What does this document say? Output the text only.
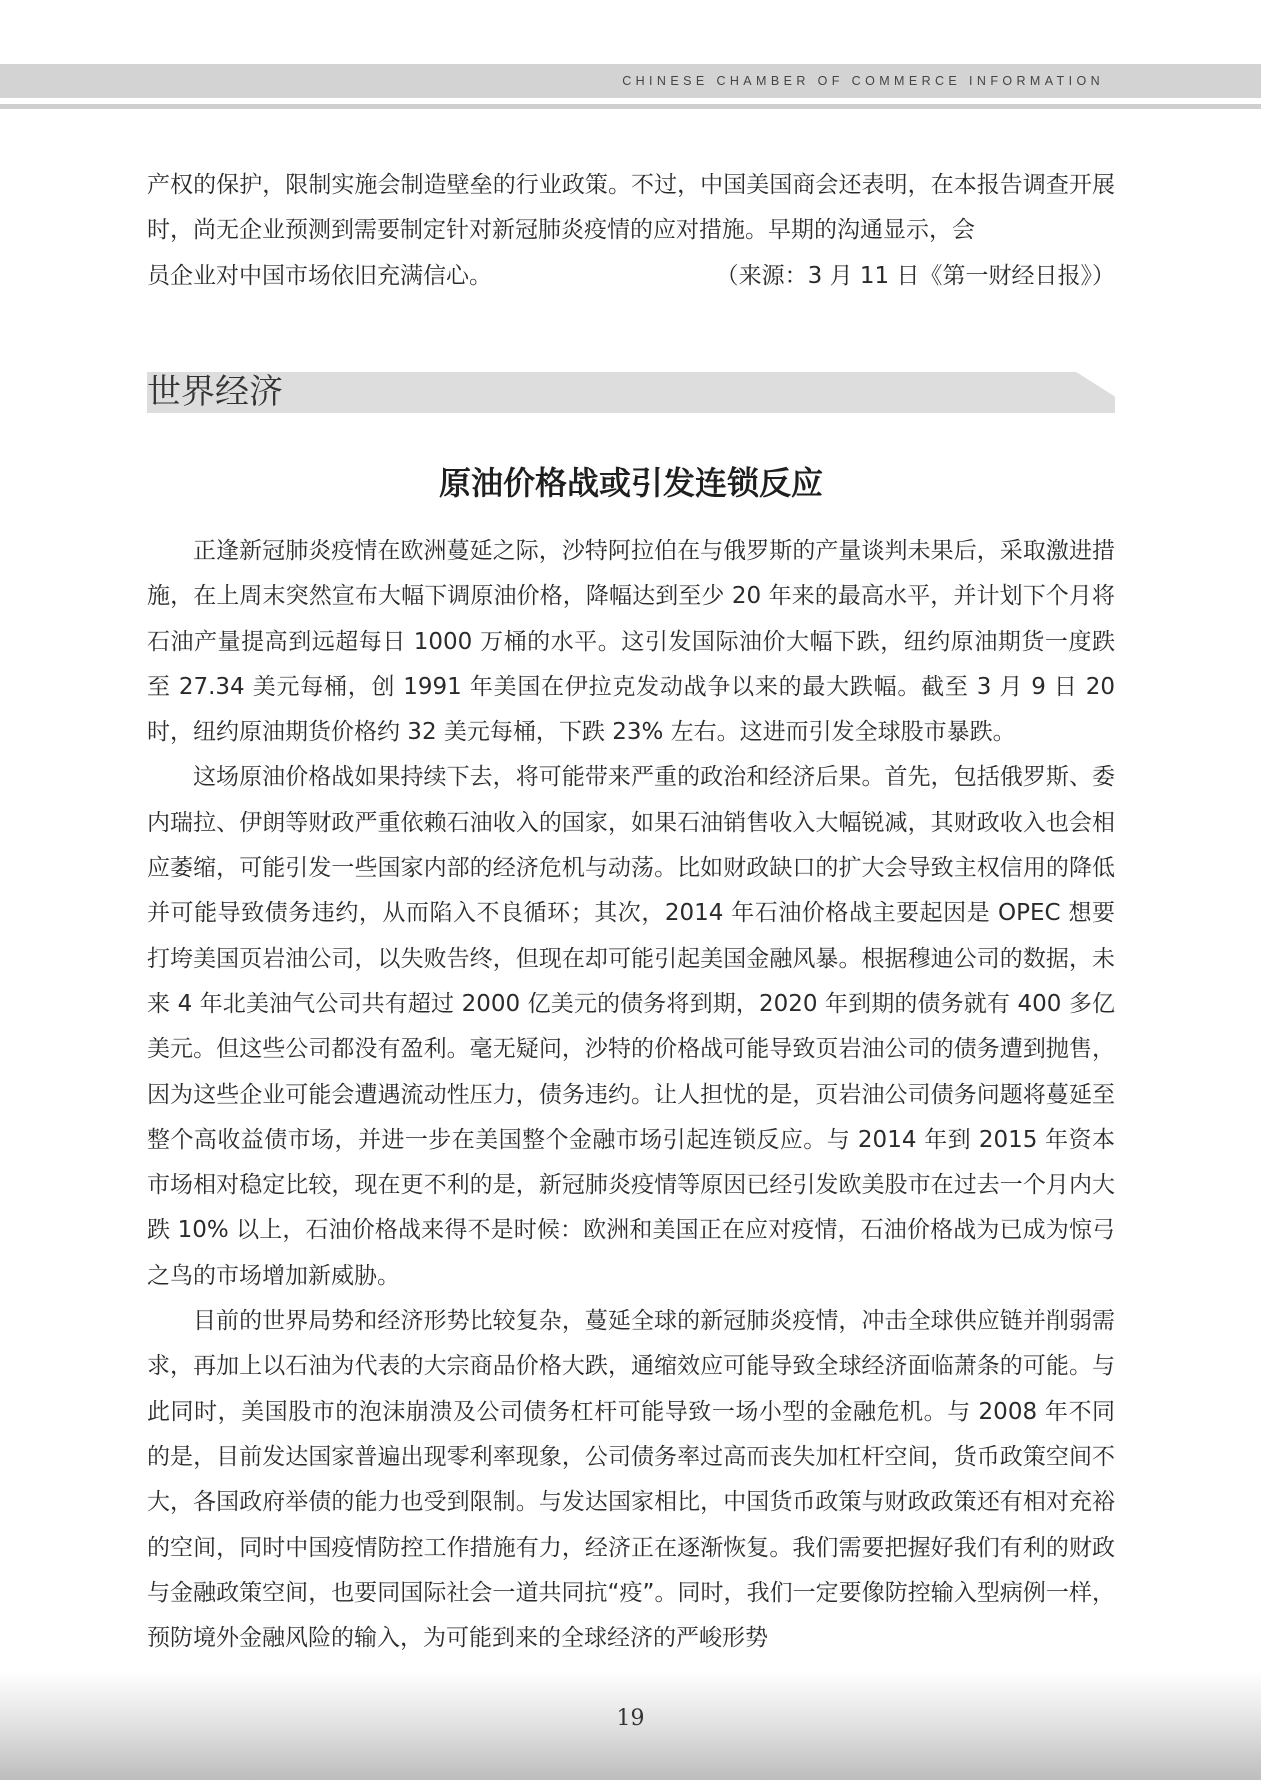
CHINESE CHAMBER OF COMMERCE INFORMATION
产权的保护，限制实施会制造壁垒的行业政策。不过，中国美国商会还表明，在本报告调查开展时，尚无企业预测到需要制定针对新冠肺炎疫情的应对措施。早期的沟通显示，会
员企业对中国市场依旧充满信心。	（来源：3 月 11 日《第一财经日报》）
世界经济
原油价格战或引发连锁反应

正逢新冠肺炎疫情在欧洲蔓延之际，沙特阿拉伯在与俄罗斯的产量谈判未果后，采取激进措施，在上周末突然宣布大幅下调原油价格，降幅达到至少 20 年来的最高水平，并计划下个月将石油产量提高到远超每日 1000 万桶的水平。这引发国际油价大幅下跌，纽约原油期货一度跌至 27.34 美元每桶，创 1991 年美国在伊拉克发动战争以来的最大跌幅。截至 3 月 9 日 20 时，纽约原油期货价格约 32 美元每桶，下跌 23% 左右。这进而引发全球股市暴跌。

这场原油价格战如果持续下去，将可能带来严重的政治和经济后果。首先，包括俄罗斯、委内瑞拉、伊朗等财政严重依赖石油收入的国家，如果石油销售收入大幅锐减，其财政收入也会相应萎缩，可能引发一些国家内部的经济危机与动荡。比如财政缺口的扩大会导致主权信用的降低并可能导致债务违约，从而陷入不良循环；其次，2014 年石油价格战主要起因是 OPEC 想要打垮美国页岩油公司，以失败告终，但现在却可能引起美国金融风暴。根据穆迪公司的数据，未来 4 年北美油气公司共有超过 2000 亿美元的债务将到期，2020 年到期的债务就有 400 多亿美元。但这些公司都没有盈利。毫无疑问，沙特的价格战可能导致页岩油公司的债务遭到抛售，因为这些企业可能会遭遇流动性压力，债务违约。让人担忧的是，页岩油公司债务问题将蔓延至整个高收益债市场，并进一步在美国整个金融市场引起连锁反应。与 2014 年到 2015 年资本市场相对稳定比较，现在更不利的是，新冠肺炎疫情等原因已经引发欧美股市在过去一个月内大跌 10% 以上，石油价格战来得不是时候：欧洲和美国正在应对疫情，石油价格战为已成为惊弓之鸟的市场增加新威胁。

目前的世界局势和经济形势比较复杂，蔓延全球的新冠肺炎疫情，冲击全球供应链并削弱需求，再加上以石油为代表的大宗商品价格大跌，通缩效应可能导致全球经济面临萧条的可能。与此同时，美国股市的泡沫崩溃及公司债务杠杆可能导致一场小型的金融危机。与 2008 年不同的是，目前发达国家普遍出现零利率现象，公司债务率过高而丧失加杠杆空间，货币政策空间不大，各国政府举债的能力也受到限制。与发达国家相比，中国货币政策与财政政策还有相对充裕的空间，同时中国疫情防控工作措施有力，经济正在逐渐恢复。我们需要把握好我们有利的财政与金融政策空间，也要同国际社会一道共同抗“疫”。同时，我们一定要像防控输入型病例一样，预防境外金融风险的输入，为可能到来的全球经济的严峻形势

19
